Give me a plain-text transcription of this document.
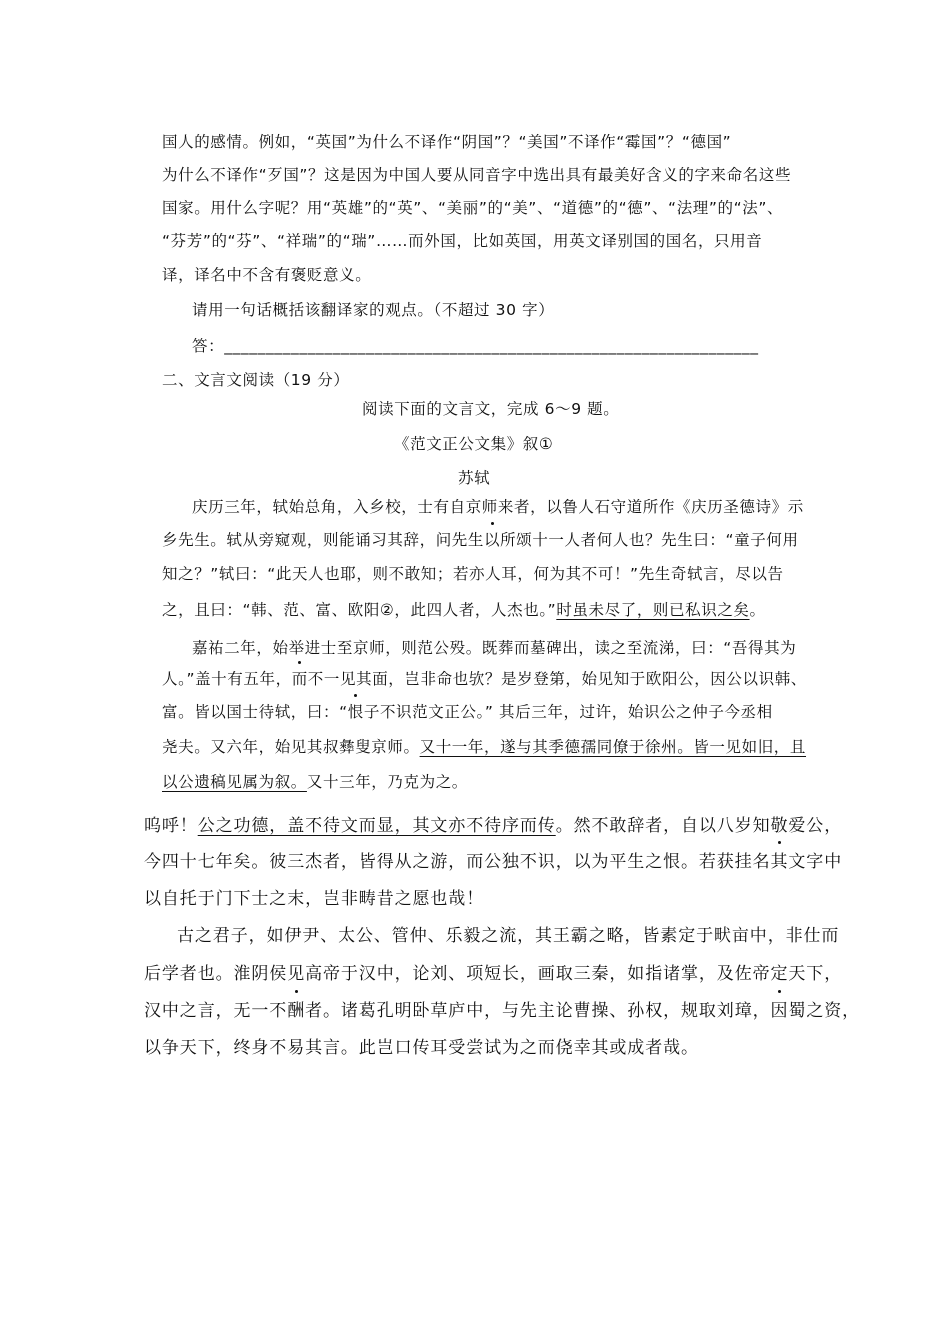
国人的感情。例如，“英国”为什么不译作“阴国”？“美国”不译作“霉国”？“德国”

为什么不译作“歹国”？这是因为中国人要从同音字中选出具有最美好含义的字来命名这些

国家。用什么字呢？用“英雄”的“英”、“美丽”的“美”、“道德”的“德”、“法理”的“法”、

“芬芳”的“芬”、“祥瑞”的“瑞”……而外国，比如英国，用英文译别国的国名，只用音

译，译名中不含有褒贬意义。

请用一句话概括该翻译家的观点。（不超过 30 字）

答：________________________________________________________________

二、文言文阅读（19 分）

阅读下面的文言文，完成 6～9 题。

《范文正公文集》叙①

苏轼

庆历三年，轼始总角，入乡校，士有自京师来者，以鲁人石守道所作《庆历圣德诗》示

乡先生。轼从旁窥观，则能诵习其辞，问先生以所颂十一人者何人也？先生曰：“童子何用

知之？”轼曰：“此天人也耶，则不敢知；若亦人耳，何为其不可！”先生奇轼言，尽以告

之，且曰：“韩、范、富、欧阳②，此四人者，人杰也。”时虽未尽了，则已私识之矣。

嘉祐二年，始举进士至京师，则范公殁。既葬而墓碑出，读之至流涕，曰：“吾得其为

人。”盖十有五年，而不一见其面，岂非命也欤？是岁登第，始见知于欧阳公，因公以识韩、

富。皆以国士待轼，曰：“恨子不识范文正公。” 其后三年，过许，始识公之仲子今丞相

尧夫。又六年，始见其叔彝叟京师。又十一年，遂与其季德孺同僚于徐州。皆一见如旧，且

以公遗稿见属为叙。又十三年，乃克为之。

呜呼！公之功德，盖不待文而显，其文亦不待序而传。然不敢辞者，自以八岁知敬爱公，

今四十七年矣。彼三杰者，皆得从之游，而公独不识，以为平生之恨。若获挂名其文字中

以自托于门下士之末，岂非畴昔之愿也哉！

古之君子，如伊尹、太公、管仲、乐毅之流，其王霸之略，皆素定于畎亩中，非仕而

后学者也。淮阴侯见高帝于汉中，论刘、项短长，画取三秦，如指诸掌，及佐帝定天下，

汉中之言，无一不酬者。诸葛孔明卧草庐中，与先主论曹操、孙权，规取刘璋，因蜀之资，

以争天下，终身不易其言。此岂口传耳受尝试为之而侥幸其或成者哉。
